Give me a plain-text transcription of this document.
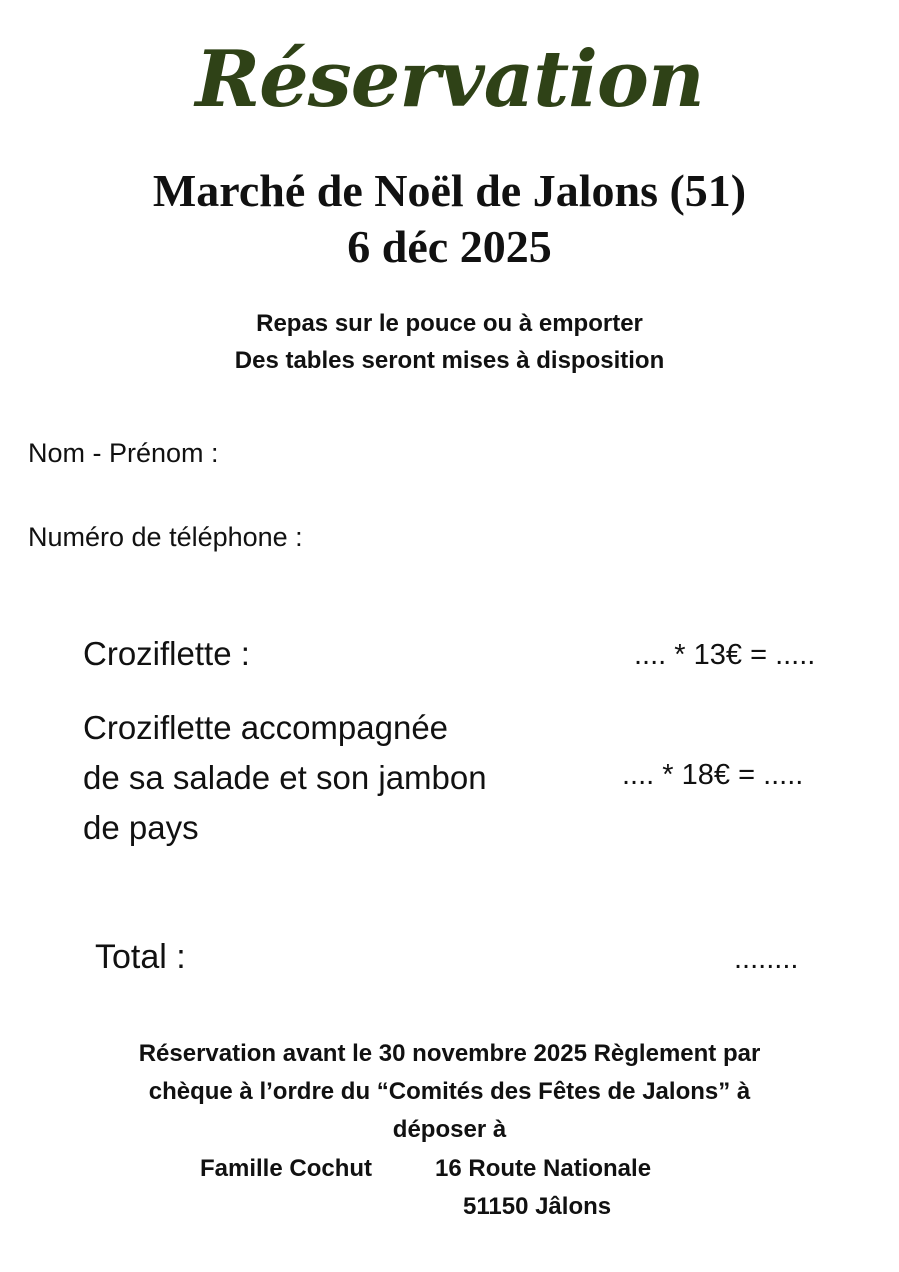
Réservation
Marché de Noël de Jalons (51)
6 déc 2025
Repas sur le pouce ou à emporter
Des tables seront mises à disposition
Nom - Prénom :
Numéro de téléphone :
Croziflette :	.... * 13€ = .....
Croziflette accompagnée
de sa salade et son jambon
de pays
.... * 18€ = .....
Total :	........
Réservation avant le 30 novembre 2025 Règlement par
chèque à l’ordre du “Comités des Fêtes de Jalons” à
déposer à
Famille Cochut	16 Route Nationale
51150 Jâlons
